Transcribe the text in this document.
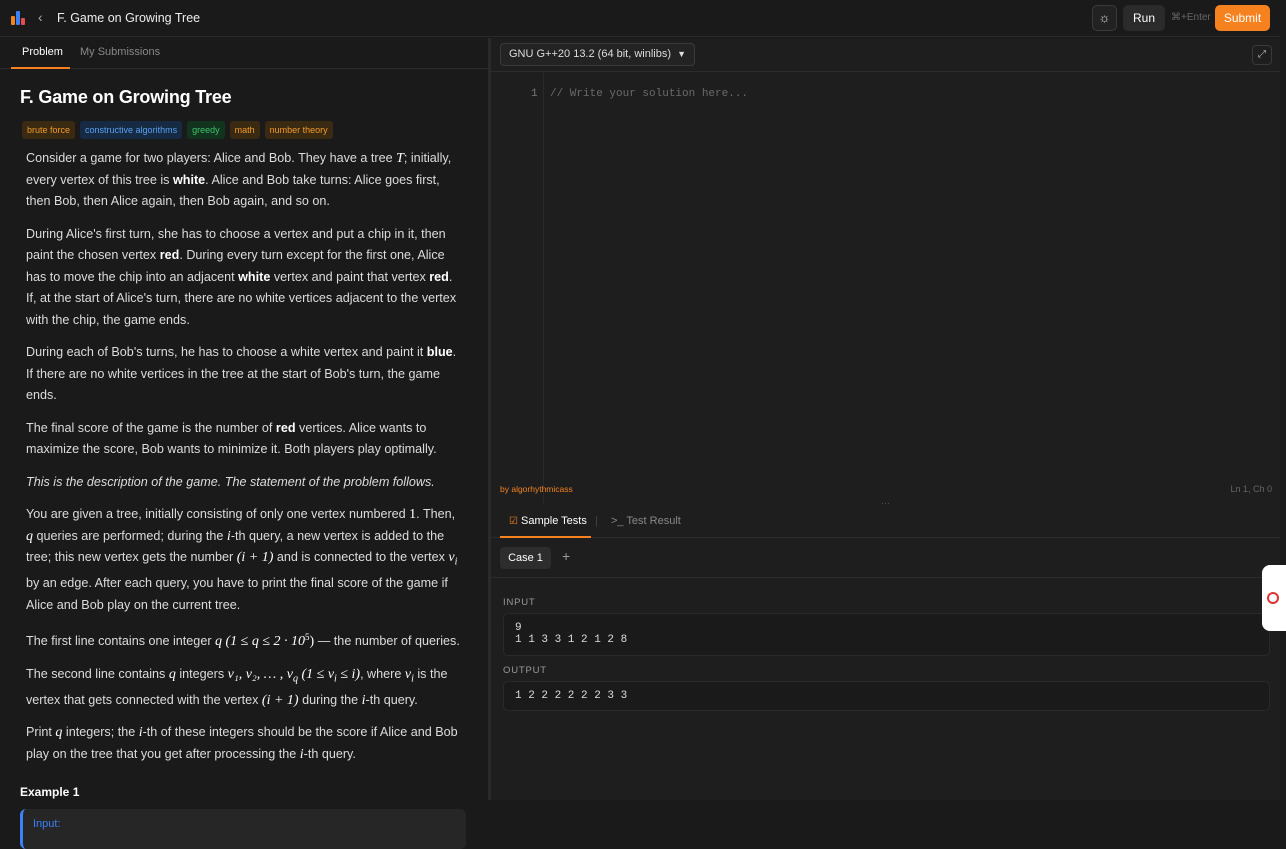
‹ F. Game on Growing Tree	☼	Run	⌘+Enter	Submit
Problem My Submissions
F. Game on Growing Tree
brute force	constructive algorithms	greedy	math	number theory
Consider a game for two players: Alice and Bob. They have a tree T; initially, every vertex of this tree is white. Alice and Bob take turns: Alice goes first, then Bob, then Alice again, then Bob again, and so on.
During Alice's first turn, she has to choose a vertex and put a chip in it, then paint the chosen vertex red. During every turn except for the first one, Alice has to move the chip into an adjacent white vertex and paint that vertex red. If, at the start of Alice's turn, there are no white vertices adjacent to the vertex with the chip, the game ends.
During each of Bob's turns, he has to choose a white vertex and paint it blue. If there are no white vertices in the tree at the start of Bob's turn, the game ends.
The final score of the game is the number of red vertices. Alice wants to maximize the score, Bob wants to minimize it. Both players play optimally.
This is the description of the game. The statement of the problem follows.
You are given a tree, initially consisting of only one vertex numbered 1. Then, q queries are performed; during the i-th query, a new vertex is added to the tree; this new vertex gets the number (i + 1) and is connected to the vertex $v_i$ by an edge. After each query, you have to print the final score of the game if Alice and Bob play on the current tree.
The first line contains one integer q $(1 \le q \le 2 \cdot 10^5)$ — the number of queries.
The second line contains q integers v₁, v₂, … , $v_q$ $(1 \le v_i \le i)$, where $v_i$ is the vertex that gets connected with the vertex (i + 1) during the i-th query.
Print q integers; the i-th of these integers should be the score if Alice and Bob play on the tree that you get after processing the i-th query.
Example 1
Input:
GNU G++20 13.2 (64 bit, winlibs) ▼	⤢
1 // Write your solution here...
by algorhythmicass	Ln 1, Ch 0
···
☑ Sample Tests | >_ Test Result
Case 1	+
INPUT
9
1 1 3 3 1 2 1 2 8
OUTPUT
1 2 2 2 2 2 2 3 3
